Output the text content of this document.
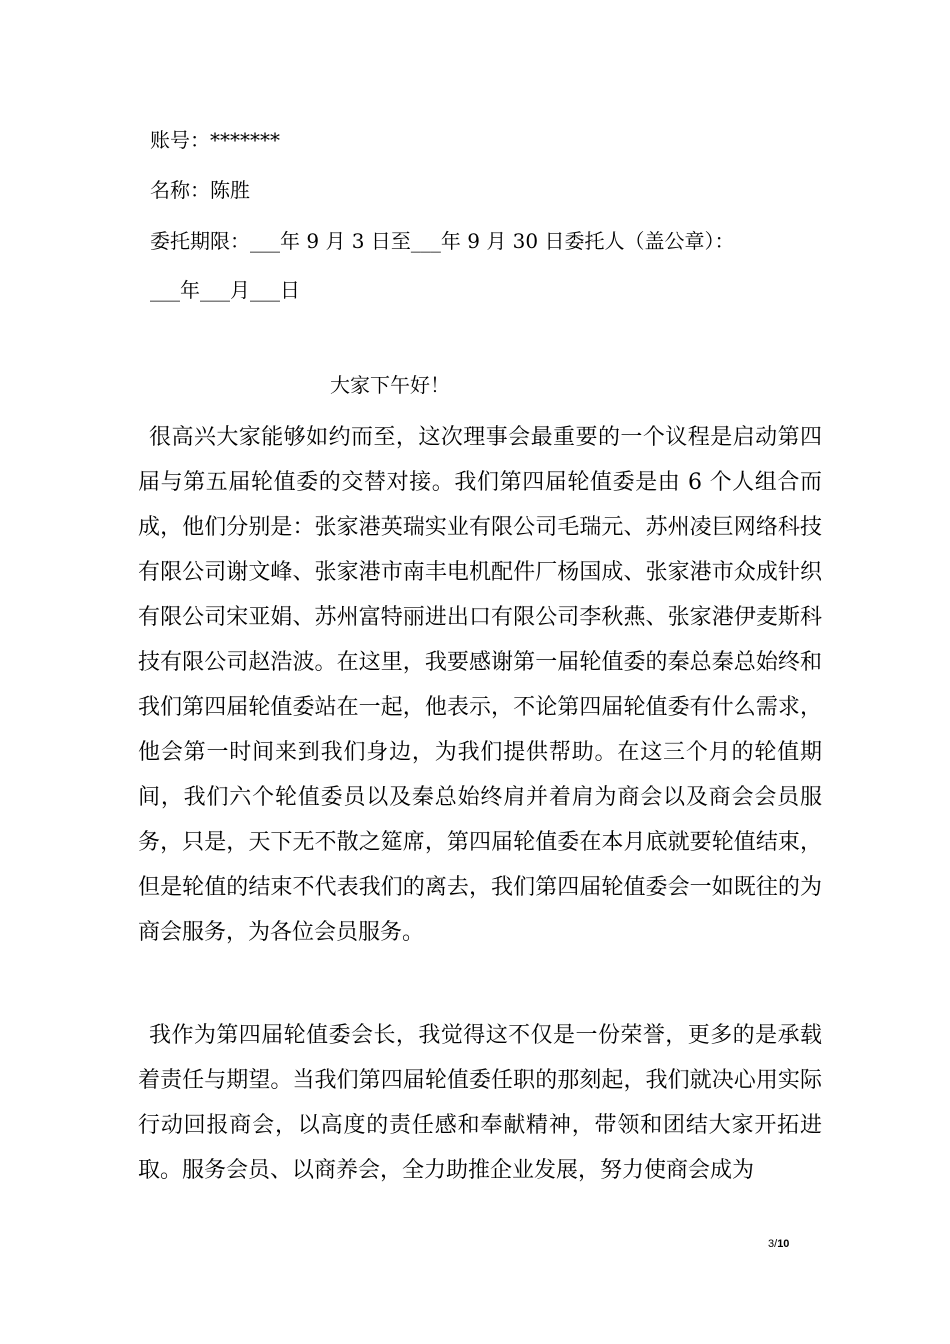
账号：*******
名称：陈胜
委托期限：___年 9 月 3 日至___年 9 月 30 日委托人（盖公章）：
___年___月___日
大家下午好！

很高兴大家能够如约而至，这次理事会最重要的一个议程是启动第四届与第五届轮值委的交替对接。我们第四届轮值委是由 6 个人组合而成，他们分别是：张家港英瑞实业有限公司毛瑞元、苏州凌巨网络科技有限公司谢文峰、张家港市南丰电机配件厂杨国成、张家港市众成针织有限公司宋亚娟、苏州富特丽进出口有限公司李秋燕、张家港伊麦斯科技有限公司赵浩波。在这里，我要感谢第一届轮值委的秦总秦总始终和我们第四届轮值委站在一起，他表示，不论第四届轮值委有什么需求，他会第一时间来到我们身边，为我们提供帮助。在这三个月的轮值期间，我们六个轮值委员以及秦总始终肩并着肩为商会以及商会会员服务，只是，天下无不散之筵席，第四届轮值委在本月底就要轮值结束，但是轮值的结束不代表我们的离去，我们第四届轮值委会一如既往的为商会服务，为各位会员服务。

我作为第四届轮值委会长，我觉得这不仅是一份荣誉，更多的是承载着责任与期望。当我们第四届轮值委任职的那刻起，我们就决心用实际行动回报商会，以高度的责任感和奉献精神，带领和团结大家开拓进取。服务会员、以商养会，全力助推企业发展，努力使商会成为

3/10
